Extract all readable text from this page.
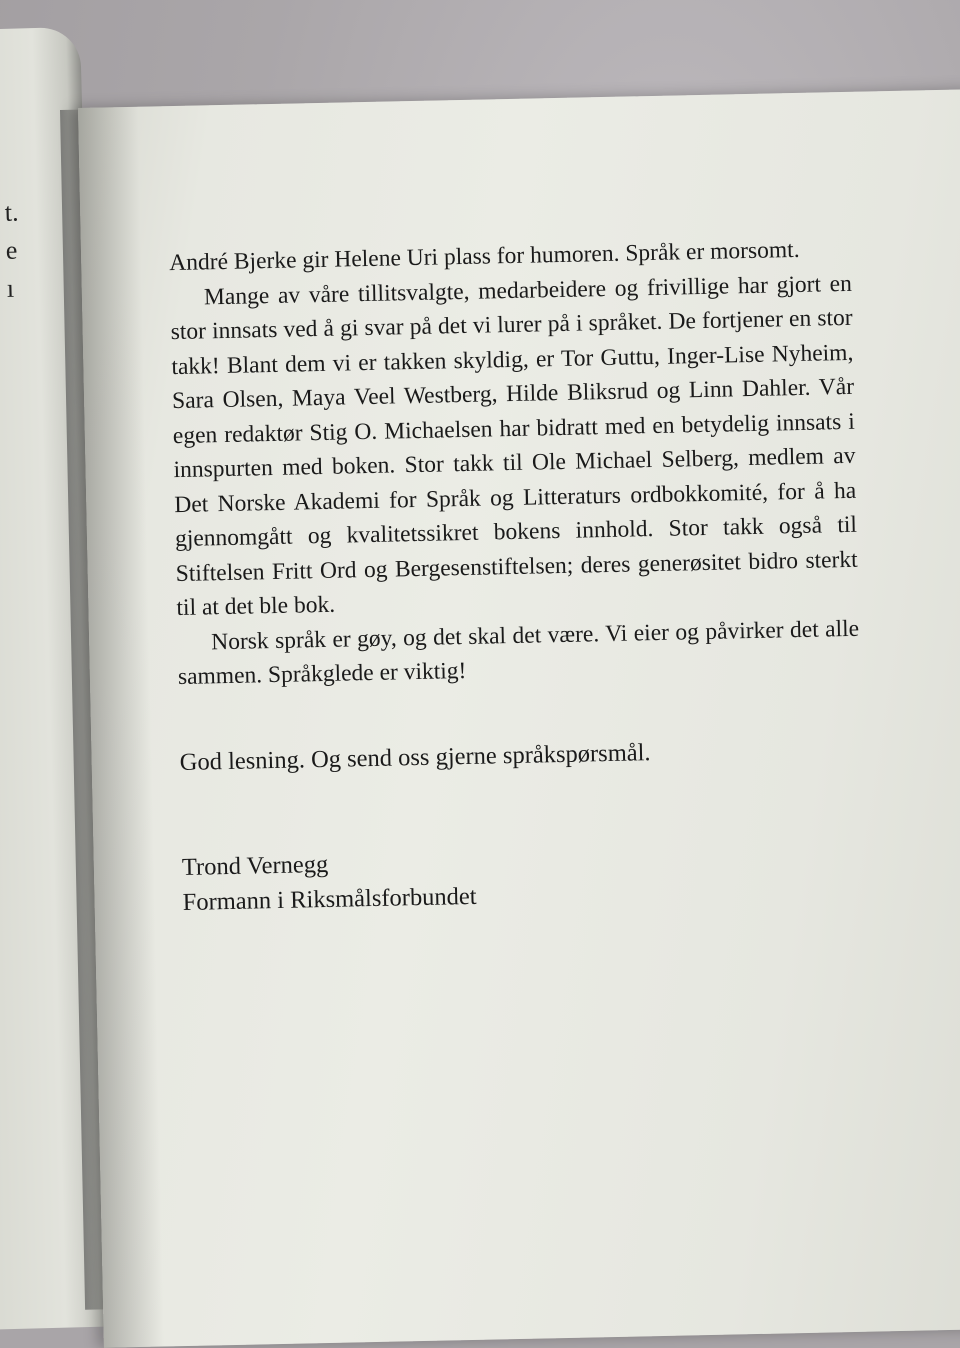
t.
e
ı

André Bjerke gir Helene Uri plass for humoren. Språk er morsomt.

Mange av våre tillitsvalgte, medarbeidere og frivillige har gjort en stor innsats ved å gi svar på det vi lurer på i språket. De fortjener en stor takk! Blant dem vi er takken skyldig, er Tor Guttu, Inger-Lise Nyheim, Sara Olsen, Maya Veel Westberg, Hilde Bliksrud og Linn Dahler. Vår egen redaktør Stig O. Michaelsen har bidratt med en betydelig innsats i innspurten med boken. Stor takk til Ole Michael Selberg, medlem av Det Norske Akademi for Språk og Litteraturs ordbokkomité, for å ha gjennomgått og kvalitetssikret bokens innhold. Stor takk også til Stiftelsen Fritt Ord og Bergesenstiftelsen; deres generøsitet bidro sterkt til at det ble bok.

Norsk språk er gøy, og det skal det være. Vi eier og påvirker det alle sammen. Språkglede er viktig!

God lesning. Og send oss gjerne språkspørsmål.

Trond Vernegg
Formann i Riksmålsforbundet
